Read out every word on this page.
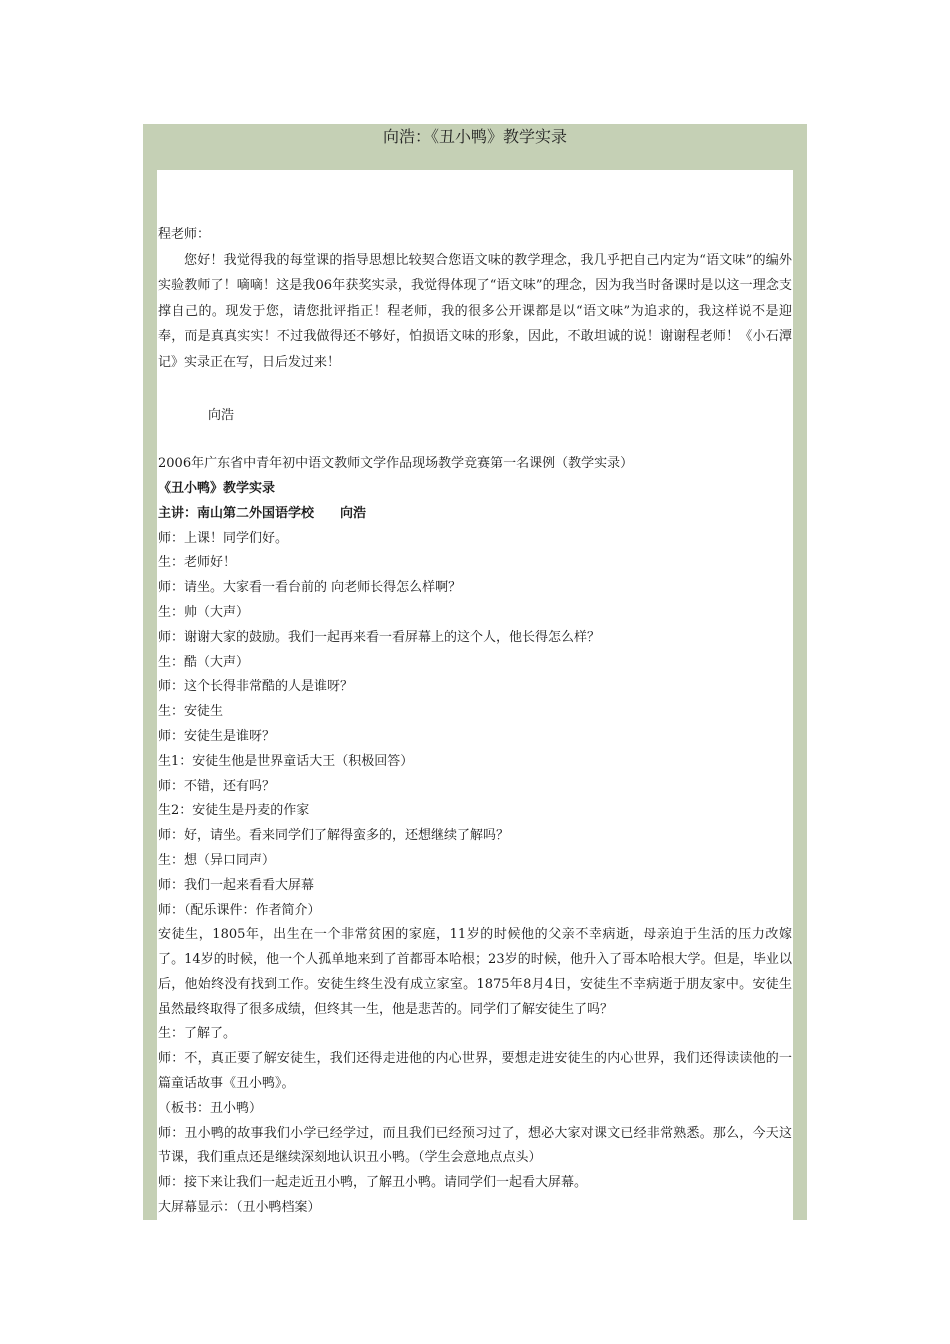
向浩：《丑小鸭》教学实录

程老师：

您好！我觉得我的每堂课的指导思想比较契合您语文味的教学理念，我几乎把自己内定为“语文味”的编外实验教师了！嘀嘀！这是我06年获奖实录，我觉得体现了“语文味”的理念，因为我当时备课时是以这一理念支撑自己的。现发于您，请您批评指正！程老师，我的很多公开课都是以“语文味”为追求的，我这样说不是迎奉，而是真真实实！不过我做得还不够好，怕损语文味的形象，因此，不敢坦诚的说！谢谢程老师！《小石潭记》实录正在写，日后发过来！

向浩

2006年广东省中青年初中语文教师文学作品现场教学竞赛第一名课例（教学实录）

《丑小鸭》教学实录

主讲：南山第二外国语学校　　向浩

师：上课！同学们好。

生：老师好！

师：请坐。大家看一看台前的 向老师长得怎么样啊？

生：帅（大声）

师：谢谢大家的鼓励。我们一起再来看一看屏幕上的这个人，他长得怎么样？

生：酷（大声）

师：这个长得非常酷的人是谁呀？

生：安徒生

师：安徒生是谁呀？

生1：安徒生他是世界童话大王（积极回答）

师：不错，还有吗？

生2：安徒生是丹麦的作家

师：好，请坐。看来同学们了解得蛮多的，还想继续了解吗？

生：想（异口同声）

师：我们一起来看看大屏幕

师：（配乐课件：作者简介）

安徒生，1805年，出生在一个非常贫困的家庭，11岁的时候他的父亲不幸病逝，母亲迫于生活的压力改嫁了。14岁的时候，他一个人孤单地来到了首都哥本哈根；23岁的时候，他升入了哥本哈根大学。但是，毕业以后，他始终没有找到工作。安徒生终生没有成立家室。1875年8月4日，安徒生不幸病逝于朋友家中。安徒生虽然最终取得了很多成绩，但终其一生，他是悲苦的。同学们了解安徒生了吗？

生：了解了。

师：不，真正要了解安徒生，我们还得走进他的内心世界，要想走进安徒生的内心世界，我们还得读读他的一篇童话故事《丑小鸭》。

（板书：丑小鸭）

师：丑小鸭的故事我们小学已经学过，而且我们已经预习过了，想必大家对课文已经非常熟悉。那么，今天这节课，我们重点还是继续深刻地认识丑小鸭。（学生会意地点点头）

师：接下来让我们一起走近丑小鸭，了解丑小鸭。请同学们一起看大屏幕。

大屏幕显示：（丑小鸭档案）
